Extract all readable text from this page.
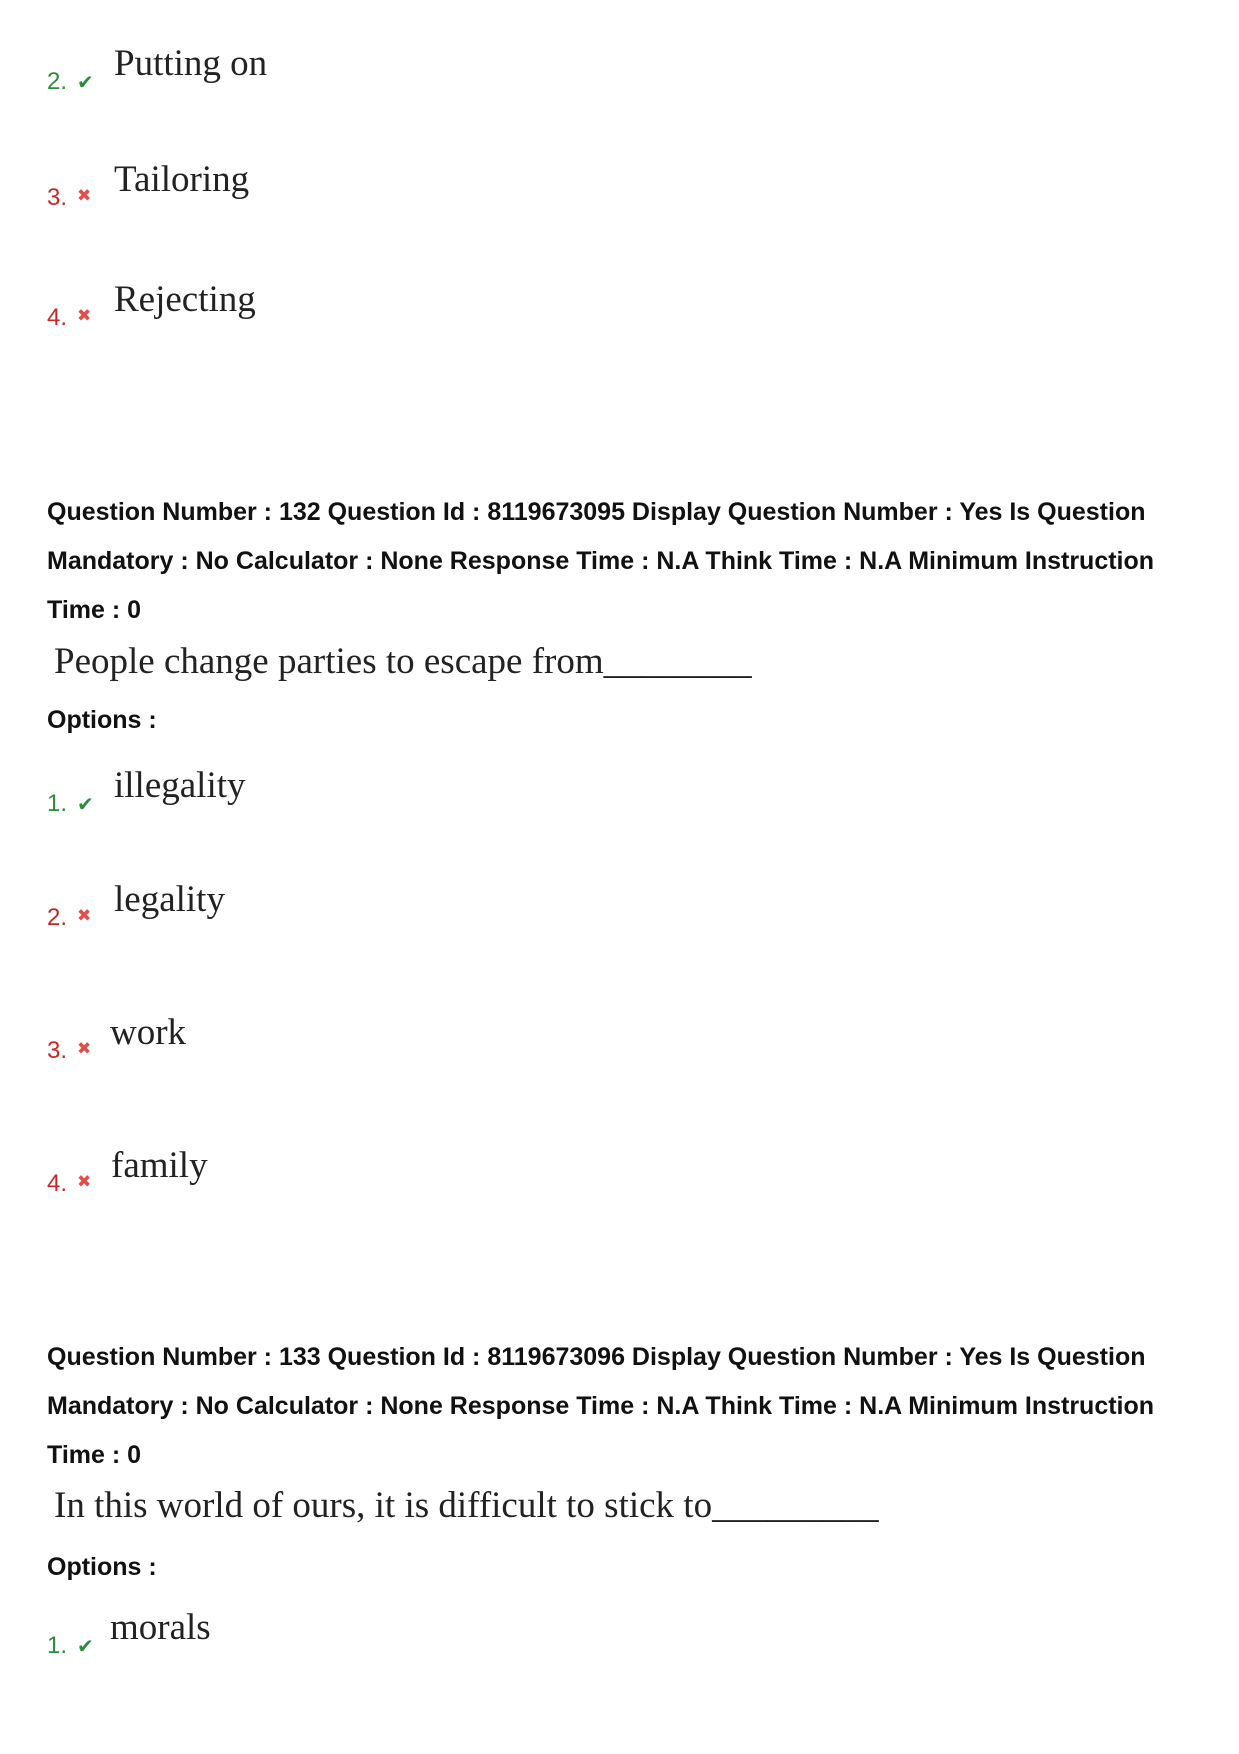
2. ✔ Putting on
3. ✖ Tailoring
4. ✖ Rejecting
Question Number : 132 Question Id : 8119673095 Display Question Number : Yes Is Question
Mandatory : No Calculator : None Response Time : N.A Think Time : N.A Minimum Instruction
Time : 0
People change parties to escape from________
Options :
1. ✔ illegality
2. ✖ legality
3. ✖ work
4. ✖ family
Question Number : 133 Question Id : 8119673096 Display Question Number : Yes Is Question
Mandatory : No Calculator : None Response Time : N.A Think Time : N.A Minimum Instruction
Time : 0
In this world of ours, it is difficult to stick to_________
Options :
1. ✔ morals
